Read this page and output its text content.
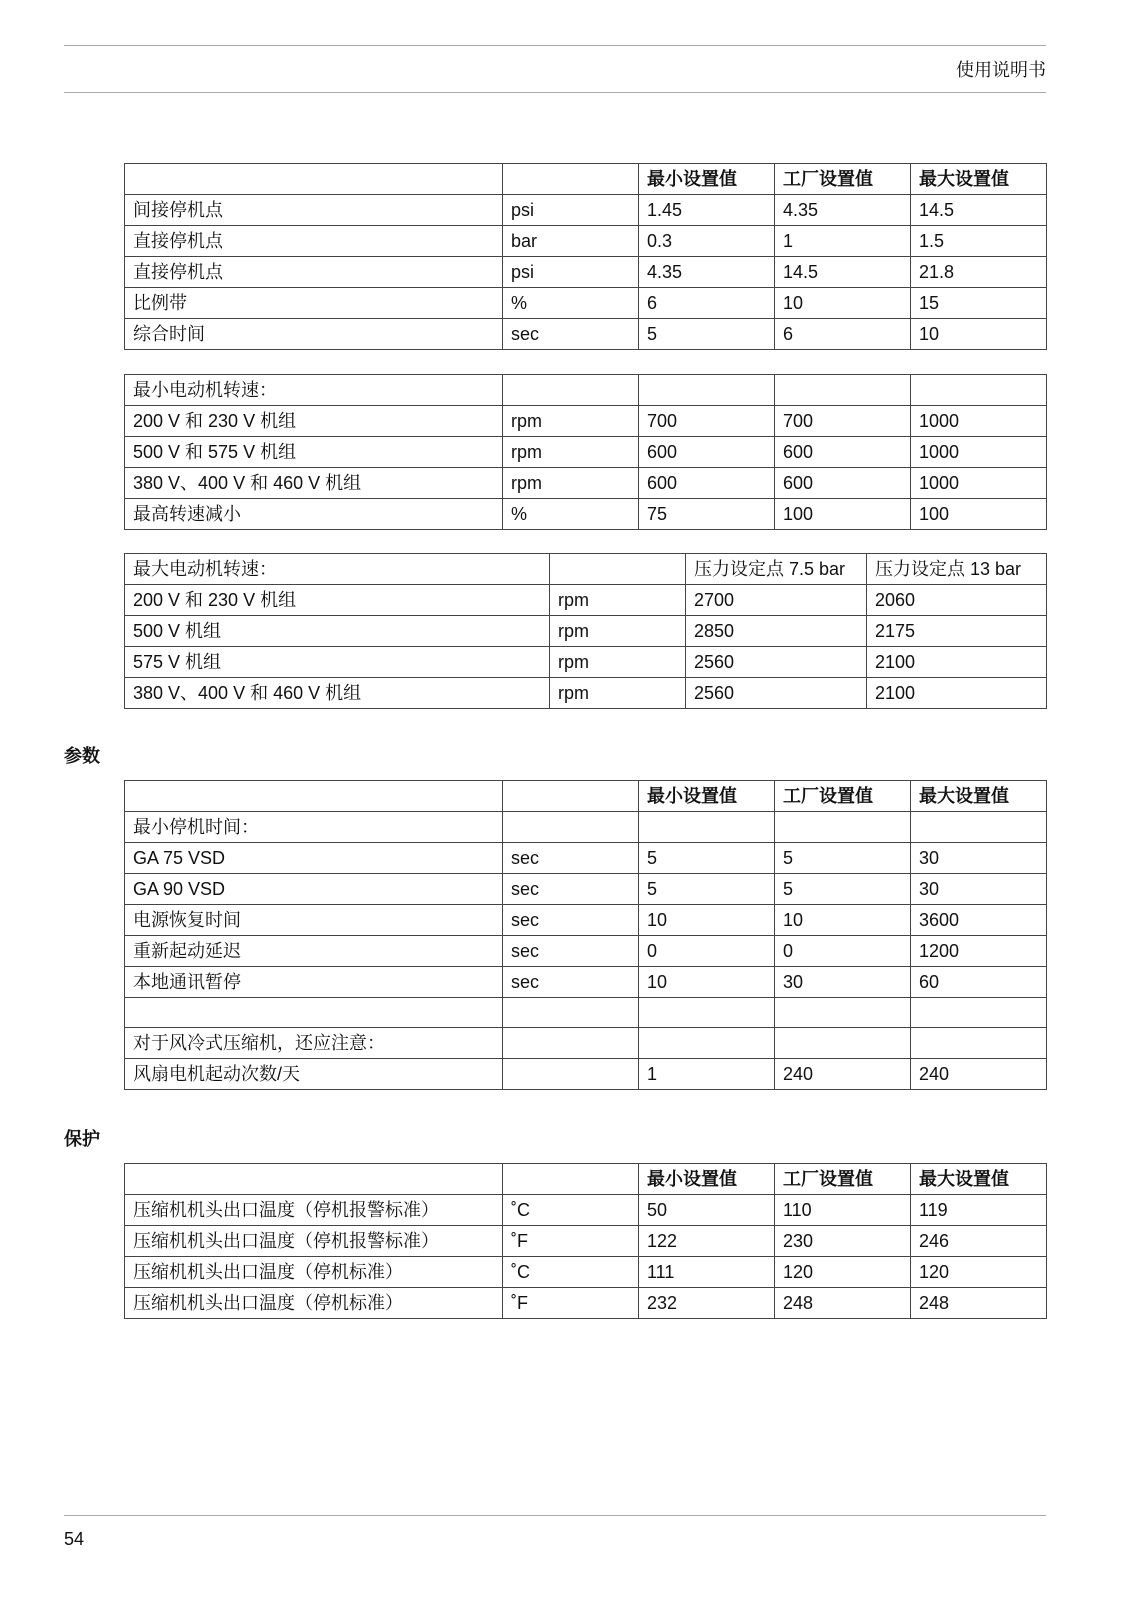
使用说明书
		最小设置值	工厂设置值	最大设置值
间接停机点	psi	1.45	4.35	14.5
直接停机点	bar	0.3	1	1.5
直接停机点	psi	4.35	14.5	21.8
比例带	%	6	10	15
综合时间	sec	5	6	10
最小电动机转速：				
200 V 和 230 V 机组	rpm	700	700	1000
500 V 和 575 V 机组	rpm	600	600	1000
380 V、400 V 和 460 V 机组	rpm	600	600	1000
最高转速减小	%	75	100	100
最大电动机转速：		压力设定点 7.5 bar	压力设定点 13 bar
200 V 和 230 V 机组	rpm	2700	2060
500 V 机组	rpm	2850	2175
575 V 机组	rpm	2560	2100
380 V、400 V 和 460 V 机组	rpm	2560	2100
参数
		最小设置值	工厂设置值	最大设置值
最小停机时间：				
GA 75 VSD	sec	5	5	30
GA 90 VSD	sec	5	5	30
电源恢复时间	sec	10	10	3600
重新起动延迟	sec	0	0	1200
本地通讯暂停	sec	10	30	60

对于风冷式压缩机，还应注意：				
风扇电机起动次数/天		1	240	240
保护
		最小设置值	工厂设置值	最大设置值
压缩机机头出口温度（停机报警标准）	˚C	50	110	119
压缩机机头出口温度（停机报警标准）	˚F	122	230	246
压缩机机头出口温度（停机标准）	˚C	111	120	120
压缩机机头出口温度（停机标准）	˚F	232	248	248
54
